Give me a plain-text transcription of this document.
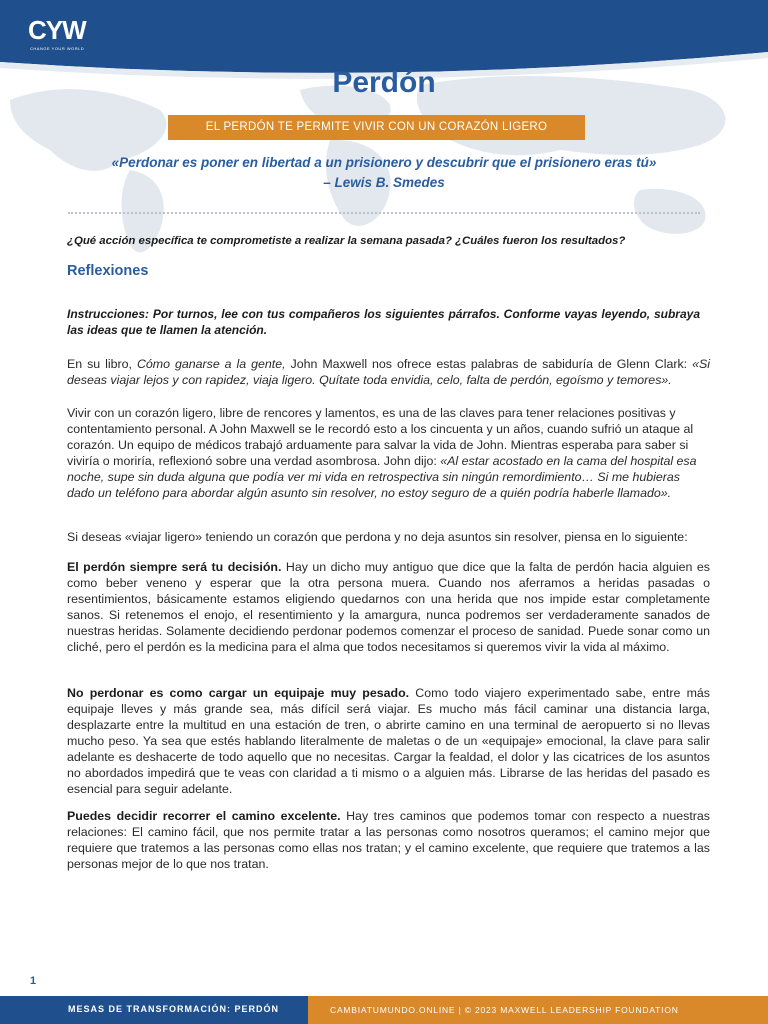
CYW
CHANGE YOUR WORLD
Perdón
EL PERDÓN TE PERMITE VIVIR CON UN CORAZÓN LIGERO
«Perdonar es poner en libertad a un prisionero y descubrir que el prisionero eras tú»
– Lewis B. Smedes
¿Qué acción específica te comprometiste a realizar la semana pasada? ¿Cuáles fueron los resultados?
Reflexiones
Instrucciones: Por turnos, lee con tus compañeros los siguientes párrafos. Conforme vayas leyendo, subraya las ideas que te llamen la atención.

En su libro, Cómo ganarse a la gente, John Maxwell nos ofrece estas palabras de sabiduría de Glenn Clark: «Si deseas viajar lejos y con rapidez, viaja ligero. Quítate toda envidia, celo, falta de perdón, egoísmo y temores».

Vivir con un corazón ligero, libre de rencores y lamentos, es una de las claves para tener relaciones positivas y contentamiento personal. A John Maxwell se le recordó esto a los cincuenta y un años, cuando sufrió un ataque al corazón. Un equipo de médicos trabajó arduamente para salvar la vida de John. Mientras esperaba para saber si viviría o moriría, reflexionó sobre una verdad asombrosa. John dijo: «Al estar acostado en la cama del hospital esa noche, supe sin duda alguna que podía ver mi vida en retrospectiva sin ningún remordimiento… Si me hubieras dado un teléfono para abordar algún asunto sin resolver, no estoy seguro de a quién podría haberle llamado».

Si deseas «viajar ligero» teniendo un corazón que perdona y no deja asuntos sin resolver, piensa en lo siguiente:

El perdón siempre será tu decisión. Hay un dicho muy antiguo que dice que la falta de perdón hacia alguien es como beber veneno y esperar que la otra persona muera. Cuando nos aferramos a heridas pasadas o resentimientos, básicamente estamos eligiendo quedarnos con una herida que nos impide estar completamente sanos. Si retenemos el enojo, el resentimiento y la amargura, nunca podremos ser verdaderamente sanados de nuestras heridas. Solamente decidiendo perdonar podemos comenzar el proceso de sanidad. Puede sonar como un cliché, pero el perdón es la medicina para el alma que todos necesitamos si queremos vivir la vida al máximo.

No perdonar es como cargar un equipaje muy pesado. Como todo viajero experimentado sabe, entre más equipaje lleves y más grande sea, más difícil será viajar. Es mucho más fácil caminar una distancia larga, desplazarte entre la multitud en una estación de tren, o abrirte camino en una terminal de aeropuerto si no llevas mucho peso. Ya sea que estés hablando literalmente de maletas o de un «equipaje» emocional, la clave para salir adelante es deshacerte de todo aquello que no necesitas. Cargar la fealdad, el dolor y las cicatrices de los asuntos no abordados impedirá que te veas con claridad a ti mismo o a alguien más. Librarse de las heridas del pasado es esencial para seguir adelante.

Puedes decidir recorrer el camino excelente. Hay tres caminos que podemos tomar con respecto a nuestras relaciones: El camino fácil, que nos permite tratar a las personas como nosotros queramos; el camino mejor que requiere que tratemos a las personas como ellas nos tratan; y el camino excelente, que requiere que tratemos a las personas mejor de lo que nos tratan.

1
MESAS DE TRANSFORMACIÓN: PERDÓN	CAMBIATUMUNDO.ONLINE | © 2023 MAXWELL LEADERSHIP FOUNDATION
